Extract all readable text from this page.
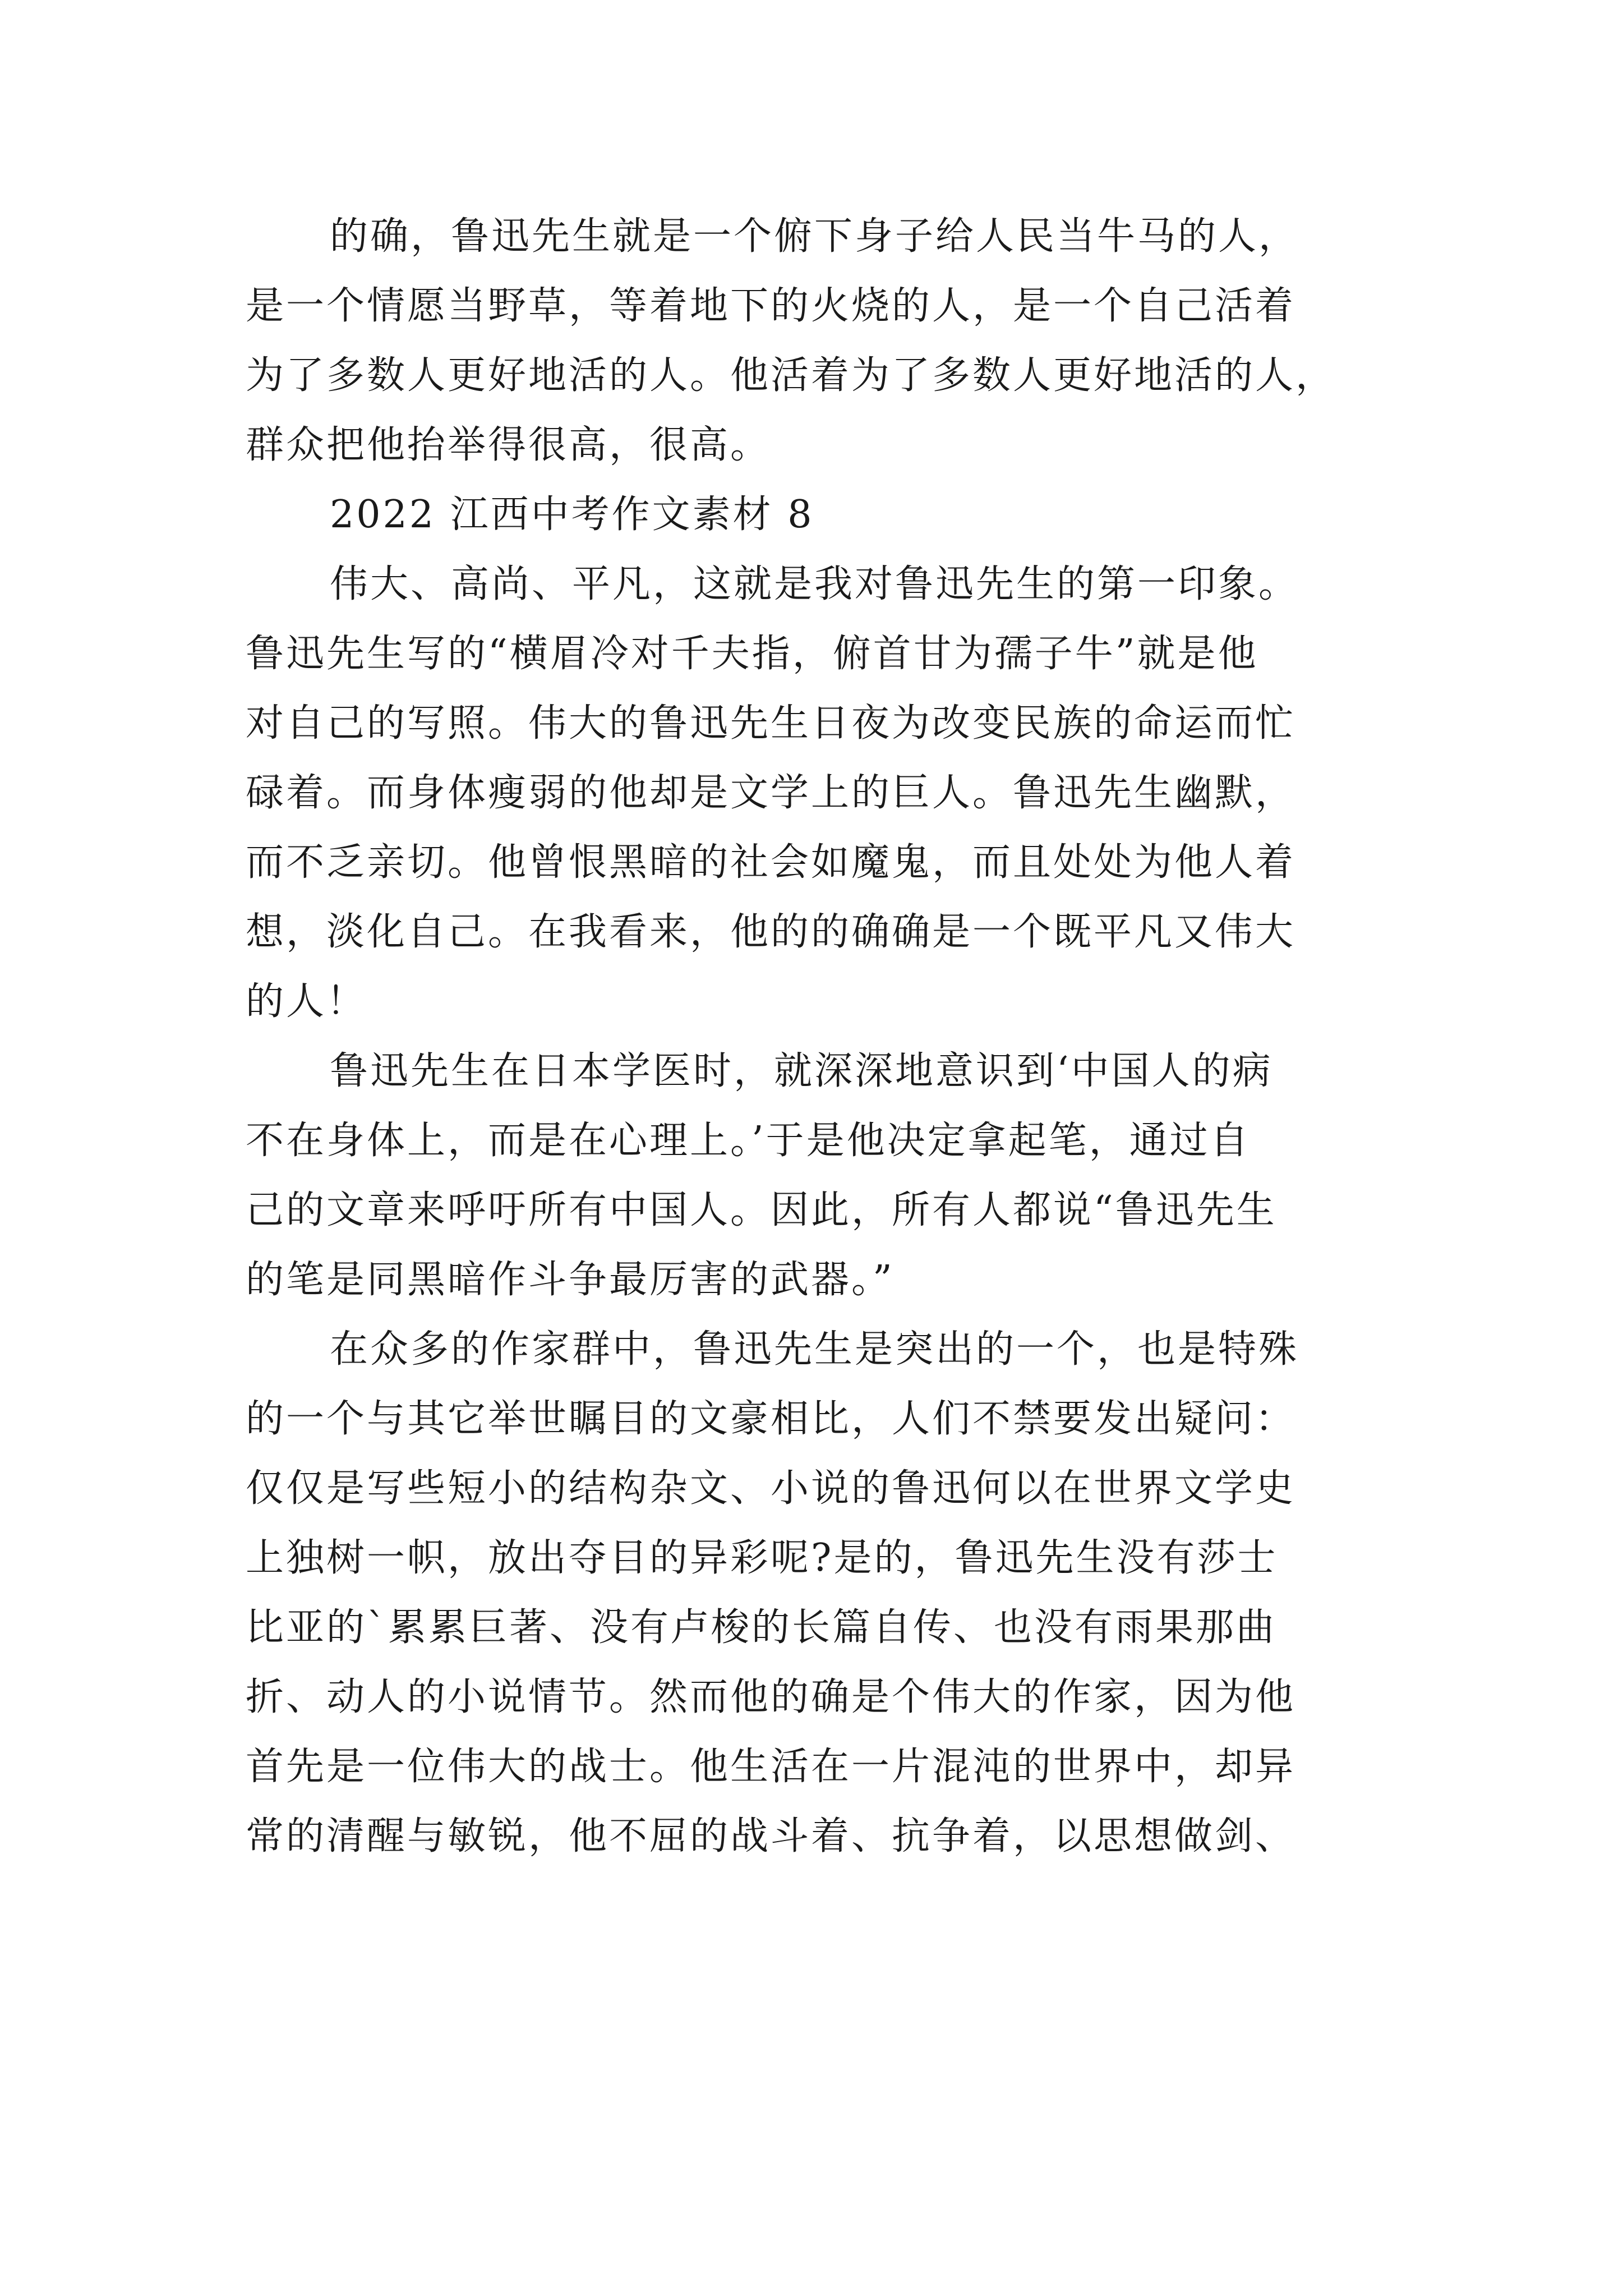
的确，鲁迅先生就是一个俯下身子给人民当牛马的人，
是一个情愿当野草，等着地下的火烧的人，是一个自己活着
为了多数人更好地活的人。他活着为了多数人更好地活的人，
群众把他抬举得很高，很高。
2022 江西中考作文素材 8
伟大、高尚、平凡，这就是我对鲁迅先生的第一印象。
鲁迅先生写的“横眉冷对千夫指，俯首甘为孺子牛”就是他
对自己的写照。伟大的鲁迅先生日夜为改变民族的命运而忙
碌着。而身体瘦弱的他却是文学上的巨人。鲁迅先生幽默，
而不乏亲切。他曾恨黑暗的社会如魔鬼，而且处处为他人着
想，淡化自己。在我看来，他的的确确是一个既平凡又伟大
的人！
鲁迅先生在日本学医时，就深深地意识到‘中国人的病
不在身体上，而是在心理上。’于是他决定拿起笔，通过自
己的文章来呼吁所有中国人。因此，所有人都说“鲁迅先生
的笔是同黑暗作斗争最厉害的武器。”
在众多的作家群中，鲁迅先生是突出的一个，也是特殊
的一个与其它举世瞩目的文豪相比，人们不禁要发出疑问：
仅仅是写些短小的结构杂文、小说的鲁迅何以在世界文学史
上独树一帜，放出夺目的异彩呢?是的，鲁迅先生没有莎士
比亚的`累累巨著、没有卢梭的长篇自传、也没有雨果那曲
折、动人的小说情节。然而他的确是个伟大的作家，因为他
首先是一位伟大的战士。他生活在一片混沌的世界中，却异
常的清醒与敏锐，他不屈的战斗着、抗争着，以思想做剑、
